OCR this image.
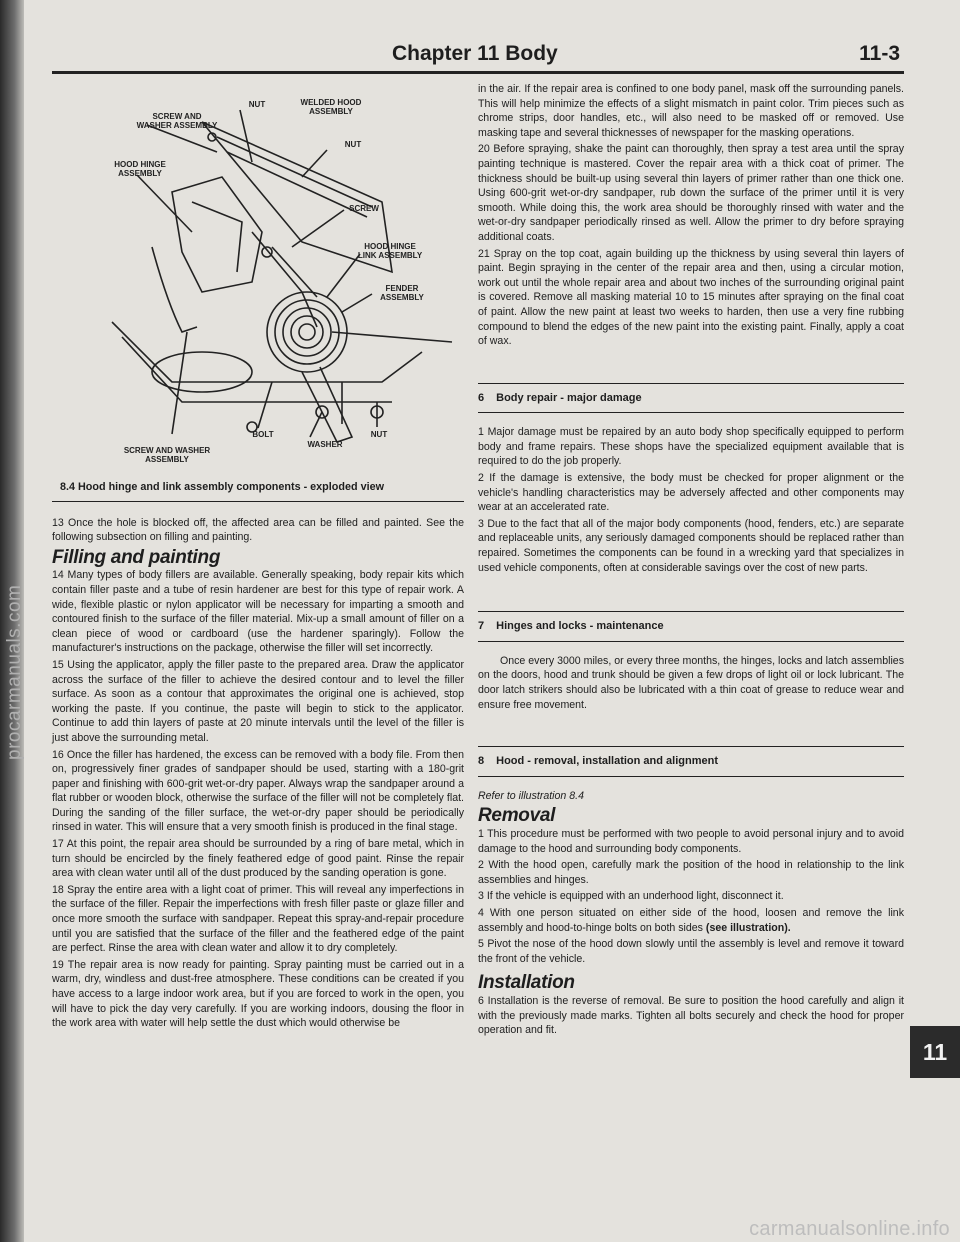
procarmanuals.com
Chapter 11 Body	11-3
SCREW AND
WASHER ASSEMBLY
NUT	WELDED HOOD
ASSEMBLY
NUT
HOOD HINGE
ASSEMBLY
SCREW
HOOD HINGE
LINK ASSEMBLY
FENDER
ASSEMBLY
BOLT	NUT
WASHER
SCREW AND WASHER
ASSEMBLY
8.4 Hood hinge and link assembly components - exploded view

13 Once the hole is blocked off, the affected area can be filled and painted. See the following subsection on filling and painting.

Filling and painting

14 Many types of body fillers are available. Generally speaking, body repair kits which contain filler paste and a tube of resin hardener are best for this type of repair work. A wide, flexible plastic or nylon applicator will be necessary for imparting a smooth and contoured finish to the surface of the filler material. Mix-up a small amount of filler on a clean piece of wood or cardboard (use the hardener sparingly). Follow the manufacturer's instructions on the package, otherwise the filler will set incorrectly.

15 Using the applicator, apply the filler paste to the prepared area. Draw the applicator across the surface of the filler to achieve the desired contour and to level the filler surface. As soon as a contour that approximates the original one is achieved, stop working the paste. If you continue, the paste will begin to stick to the applicator. Continue to add thin layers of paste at 20 minute intervals until the level of the filler is just above the surrounding metal.

16 Once the filler has hardened, the excess can be removed with a body file. From then on, progressively finer grades of sandpaper should be used, starting with a 180-grit paper and finishing with 600-grit wet-or-dry paper. Always wrap the sandpaper around a flat rubber or wooden block, otherwise the surface of the filler will not be completely flat. During the sanding of the filler surface, the wet-or-dry paper should be periodically rinsed in water. This will ensure that a very smooth finish is produced in the final stage.

17 At this point, the repair area should be surrounded by a ring of bare metal, which in turn should be encircled by the finely feathered edge of good paint. Rinse the repair area with clean water until all of the dust produced by the sanding operation is gone.

18 Spray the entire area with a light coat of primer. This will reveal any imperfections in the surface of the filler. Repair the imperfections with fresh filler paste or glaze filler and once more smooth the surface with sandpaper. Repeat this spray-and-repair procedure until you are satisfied that the surface of the filler and the feathered edge of the paint are perfect. Rinse the area with clean water and allow it to dry completely.

19 The repair area is now ready for painting. Spray painting must be carried out in a warm, dry, windless and dust-free atmosphere. These conditions can be created if you have access to a large indoor work area, but if you are forced to work in the open, you will have to pick the day very carefully. If you are working indoors, dousing the floor in the work area with water will help settle the dust which would otherwise be

in the air. If the repair area is confined to one body panel, mask off the surrounding panels. This will help minimize the effects of a slight mismatch in paint color. Trim pieces such as chrome strips, door handles, etc., will also need to be masked off or removed. Use masking tape and several thicknesses of newspaper for the masking operations.

20 Before spraying, shake the paint can thoroughly, then spray a test area until the spray painting technique is mastered. Cover the repair area with a thick coat of primer. The thickness should be built-up using several thin layers of primer rather than one thick one. Using 600-grit wet-or-dry sandpaper, rub down the surface of the primer until it is very smooth. While doing this, the work area should be thoroughly rinsed with water and the wet-or-dry sandpaper periodically rinsed as well. Allow the primer to dry before spraying additional coats.

21 Spray on the top coat, again building up the thickness by using several thin layers of paint. Begin spraying in the center of the repair area and then, using a circular motion, work out until the whole repair area and about two inches of the surrounding original paint is covered. Remove all masking material 10 to 15 minutes after spraying on the final coat of paint. Allow the new paint at least two weeks to harden, then use a very fine rubbing compound to blend the edges of the new paint into the existing paint. Finally, apply a coat of wax.

6 Body repair - major damage

1 Major damage must be repaired by an auto body shop specifically equipped to perform body and frame repairs. These shops have the specialized equipment available that is required to do the job properly.

2 If the damage is extensive, the body must be checked for proper alignment or the vehicle's handling characteristics may be adversely affected and other components may wear at an accelerated rate.

3 Due to the fact that all of the major body components (hood, fenders, etc.) are separate and replaceable units, any seriously damaged components should be replaced rather than repaired. Sometimes the components can be found in a wrecking yard that specializes in used vehicle components, often at considerable savings over the cost of new parts.

7 Hinges and locks - maintenance

Once every 3000 miles, or every three months, the hinges, locks and latch assemblies on the doors, hood and trunk should be given a few drops of light oil or lock lubricant. The door latch strikers should also be lubricated with a thin coat of grease to reduce wear and ensure free movement.

8 Hood - removal, installation and alignment

Refer to illustration 8.4

Removal

1 This procedure must be performed with two people to avoid personal injury and to avoid damage to the hood and surrounding body components.

2 With the hood open, carefully mark the position of the hood in relationship to the link assemblies and hinges.

3 If the vehicle is equipped with an underhood light, disconnect it.

4 With one person situated on either side of the hood, loosen and remove the link assembly and hood-to-hinge bolts on both sides (see illustration).

5 Pivot the nose of the hood down slowly until the assembly is level and remove it toward the front of the vehicle.

Installation

6 Installation is the reverse of removal. Be sure to position the hood carefully and align it with the previously made marks. Tighten all bolts securely and check the hood for proper operation and fit.

11
carmanualsonline.info
